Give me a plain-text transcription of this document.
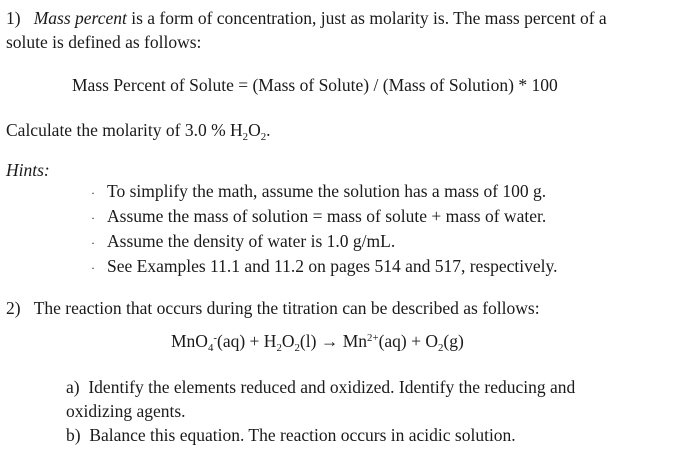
1) Mass percent is a form of concentration, just as molarity is. The mass percent of a
solute is defined as follows:
Mass Percent of Solute = (Mass of Solute) / (Mass of Solution) * 100
Calculate the molarity of 3.0 % $H_2O_2$.
Hints:
· To simplify the math, assume the solution has a mass of 100 g.
· Assume the mass of solution = mass of solute + mass of water.
· Assume the density of water is 1.0 g/mL.
· See Examples 11.1 and 11.2 on pages 514 and 517, respectively.
2) The reaction that occurs during the titration can be described as follows:
$MnO_4^-(aq) + H_2O_2(l) \to Mn^{2+}(aq) + O_2(g)$
a) Identify the elements reduced and oxidized. Identify the reducing and
oxidizing agents.
b) Balance this equation. The reaction occurs in acidic solution.
